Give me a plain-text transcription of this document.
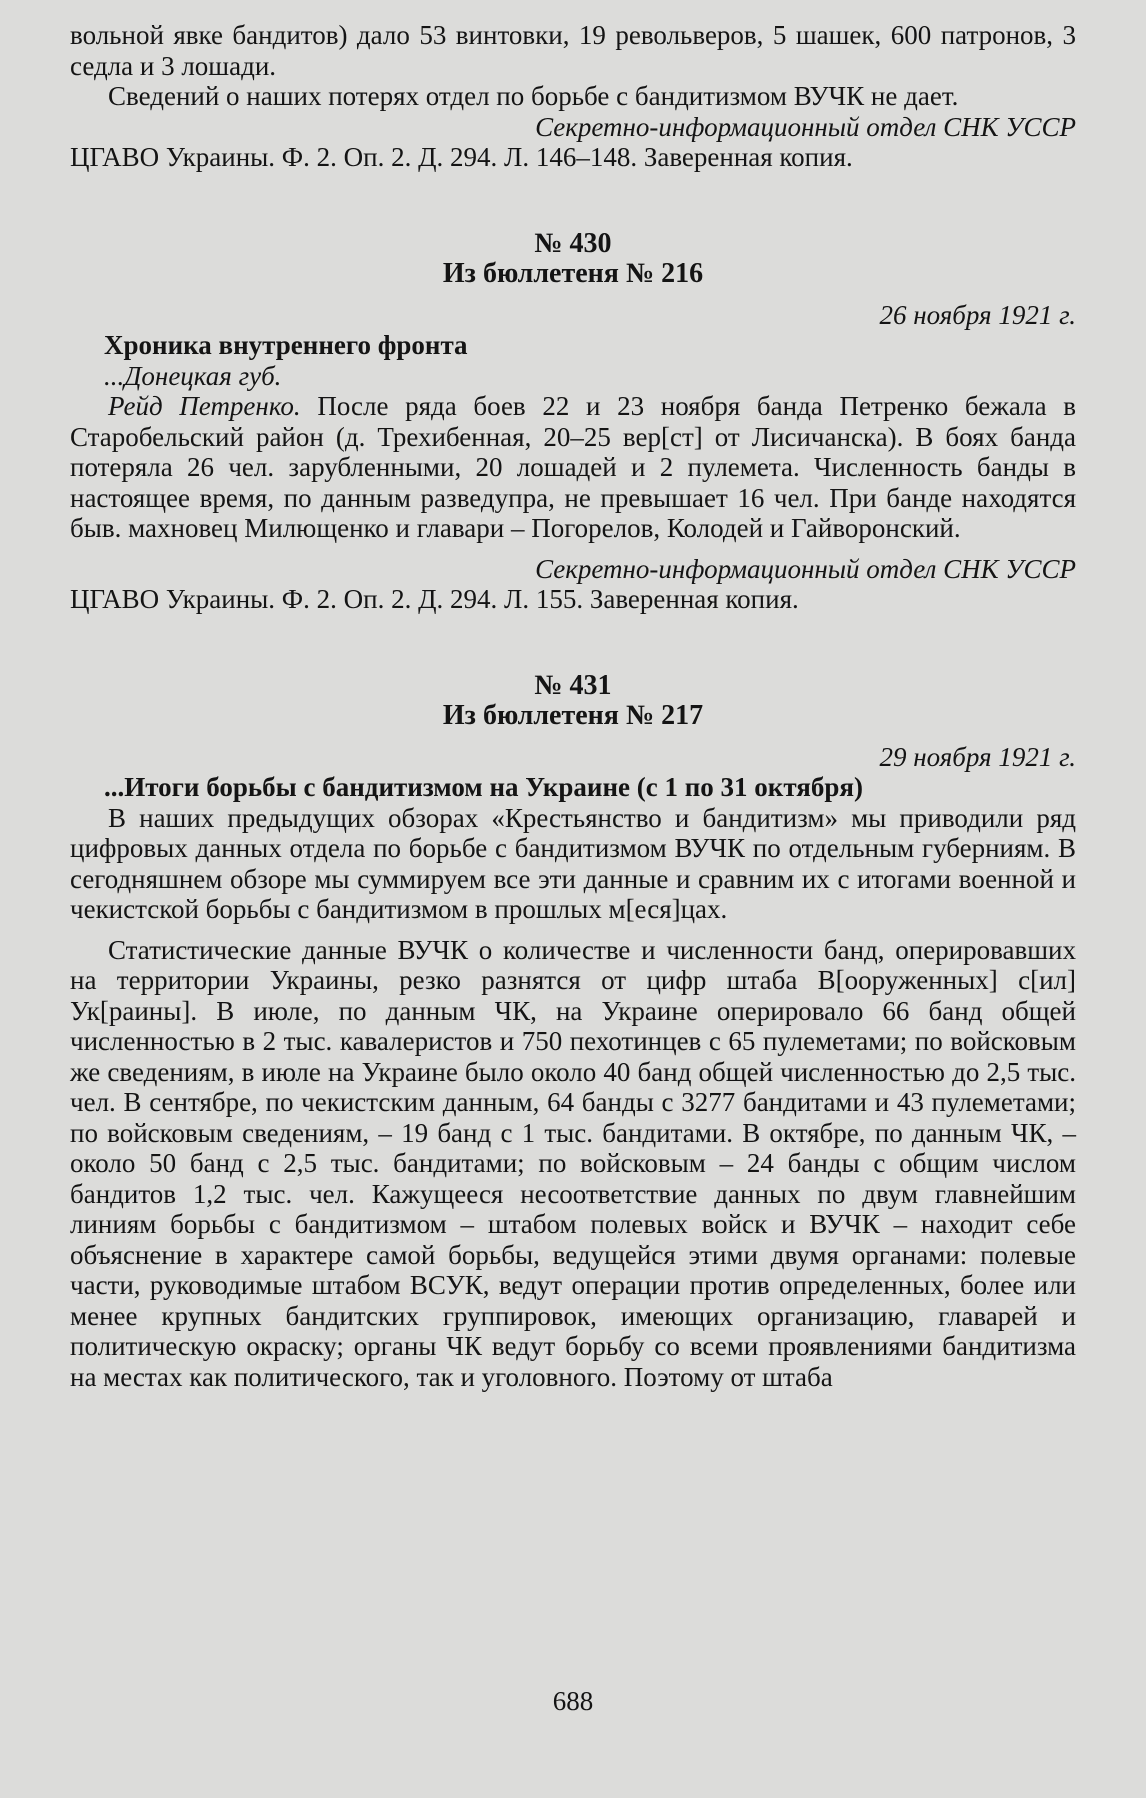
вольной явке бандитов) дало 53 винтовки, 19 револьверов, 5 шашек, 600 патронов, 3 седла и 3 лошади.

Сведений о наших потерях отдел по борьбе с бандитизмом ВУЧК не дает.

Секретно-информационный отдел СНК УССР

ЦГАВО Украины. Ф. 2. Оп. 2. Д. 294. Л. 146–148. Заверенная копия.

№ 430

Из бюллетеня № 216

26 ноября 1921 г.

Хроника внутреннего фронта

...Донецкая губ.

Рейд Петренко. После ряда боев 22 и 23 ноября банда Петренко бежала в Старобельский район (д. Трехибенная, 20–25 вер[ст] от Лисичанска). В боях банда потеряла 26 чел. зарубленными, 20 лошадей и 2 пулемета. Численность банды в настоящее время, по данным разведупра, не превышает 16 чел. При банде находятся быв. махновец Милющенко и главари – Погорелов, Колодей и Гайворонский.

Секретно-информационный отдел СНК УССР

ЦГАВО Украины. Ф. 2. Оп. 2. Д. 294. Л. 155. Заверенная копия.

№ 431

Из бюллетеня № 217

29 ноября 1921 г.

...Итоги борьбы с бандитизмом на Украине (с 1 по 31 октября)

В наших предыдущих обзорах «Крестьянство и бандитизм» мы приводили ряд цифровых данных отдела по борьбе с бандитизмом ВУЧК по отдельным губерниям. В сегодняшнем обзоре мы суммируем все эти данные и сравним их с итогами военной и чекистской борьбы с бандитизмом в прошлых м[еся]цах.

Статистические данные ВУЧК о количестве и численности банд, оперировавших на территории Украины, резко разнятся от цифр штаба В[ооруженных] с[ил] Ук[раины]. В июле, по данным ЧК, на Украине оперировало 66 банд общей численностью в 2 тыс. кавалеристов и 750 пехотинцев с 65 пулеметами; по войсковым же сведениям, в июле на Украине было около 40 банд общей численностью до 2,5 тыс. чел. В сентябре, по чекистским данным, 64 банды с 3277 бандитами и 43 пулеметами; по войсковым сведениям, – 19 банд с 1 тыс. бандитами. В октябре, по данным ЧК, – около 50 банд с 2,5 тыс. бандитами; по войсковым – 24 банды с общим числом бандитов 1,2 тыс. чел. Кажущееся несоответствие данных по двум главнейшим линиям борьбы с бандитизмом – штабом полевых войск и ВУЧК – находит себе объяснение в характере самой борьбы, ведущейся этими двумя органами: полевые части, руководимые штабом ВСУК, ведут операции против определенных, более или менее крупных бандитских группировок, имеющих организацию, главарей и политическую окраску; органы ЧК ведут борьбу со всеми проявлениями бандитизма на местах как политического, так и уголовного. Поэтому от штаба

688
